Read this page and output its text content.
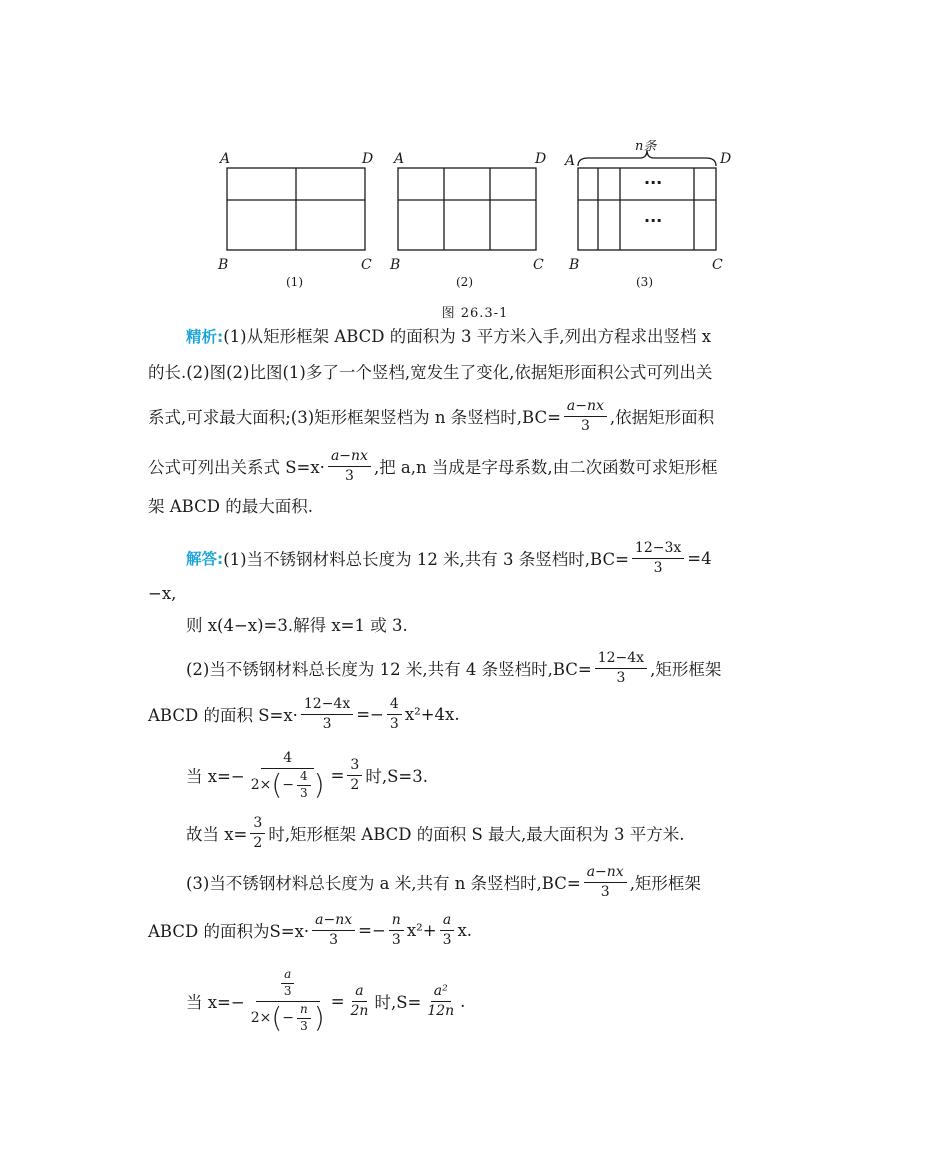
A	D
B	C
A	D
B	C
A	D
B	C
n条
···
···
(1)	(2)	(3)
图 26.3-1
精析:(1)从矩形框架 ABCD 的面积为 3 平方米入手,列出方程求出竖档 x
的长.(2)图(2)比图(1)多了一个竖档,宽发生了变化,依据矩形面积公式可列出关
系式,可求最大面积;(3)矩形框架竖档为 n 条竖档时$,BC= \frac{a-nx}{3}$ ,依据矩形面积
公式可列出关系式 $S=x\cdot \frac{a-nx}{3}$ ,把 a,n 当成是字母系数,由二次函数可求矩形框
架 ABCD 的最大面积.
解答: (1)当不锈钢材料总长度为 12 米,共有 3 条竖档时$,BC= \frac{12-3x}{3} =4$
−x,
则 x(4−x)=3.解得 x=1 或 3.
(2)当不锈钢材料总长度为 12 米,共有 4 条竖档时$,BC= \frac{12-4x}{3}$ ,矩形框架
ABCD 的面积 $S=x\cdot \frac{12-4x}{3} =- \frac{4}{3} x^2+4x$.
当 $x=- \frac{4}{2\times ( - \frac{4}{3} )} = \frac{3}{2}$ 时,S=3.
故当 $x= \frac{3}{2}$ 时,矩形框架 ABCD 的面积 S 最大,最大面积为 3 平方米.
(3)当不锈钢材料总长度为 a 米,共有 n 条竖档时$,BC= \frac{a-nx}{3}$ ,矩形框架
ABCD 的面积为$S=x\cdot \frac{a-nx}{3} =- \frac{n}{3} x^2+ \frac{a}{3} x$.
当 $x=- \frac{\frac{a}{3}}{2\times ( - \frac{n}{3} )} = \frac{a}{2n}$ 时$,S= \frac{\text{a²}}{12n}$ .
